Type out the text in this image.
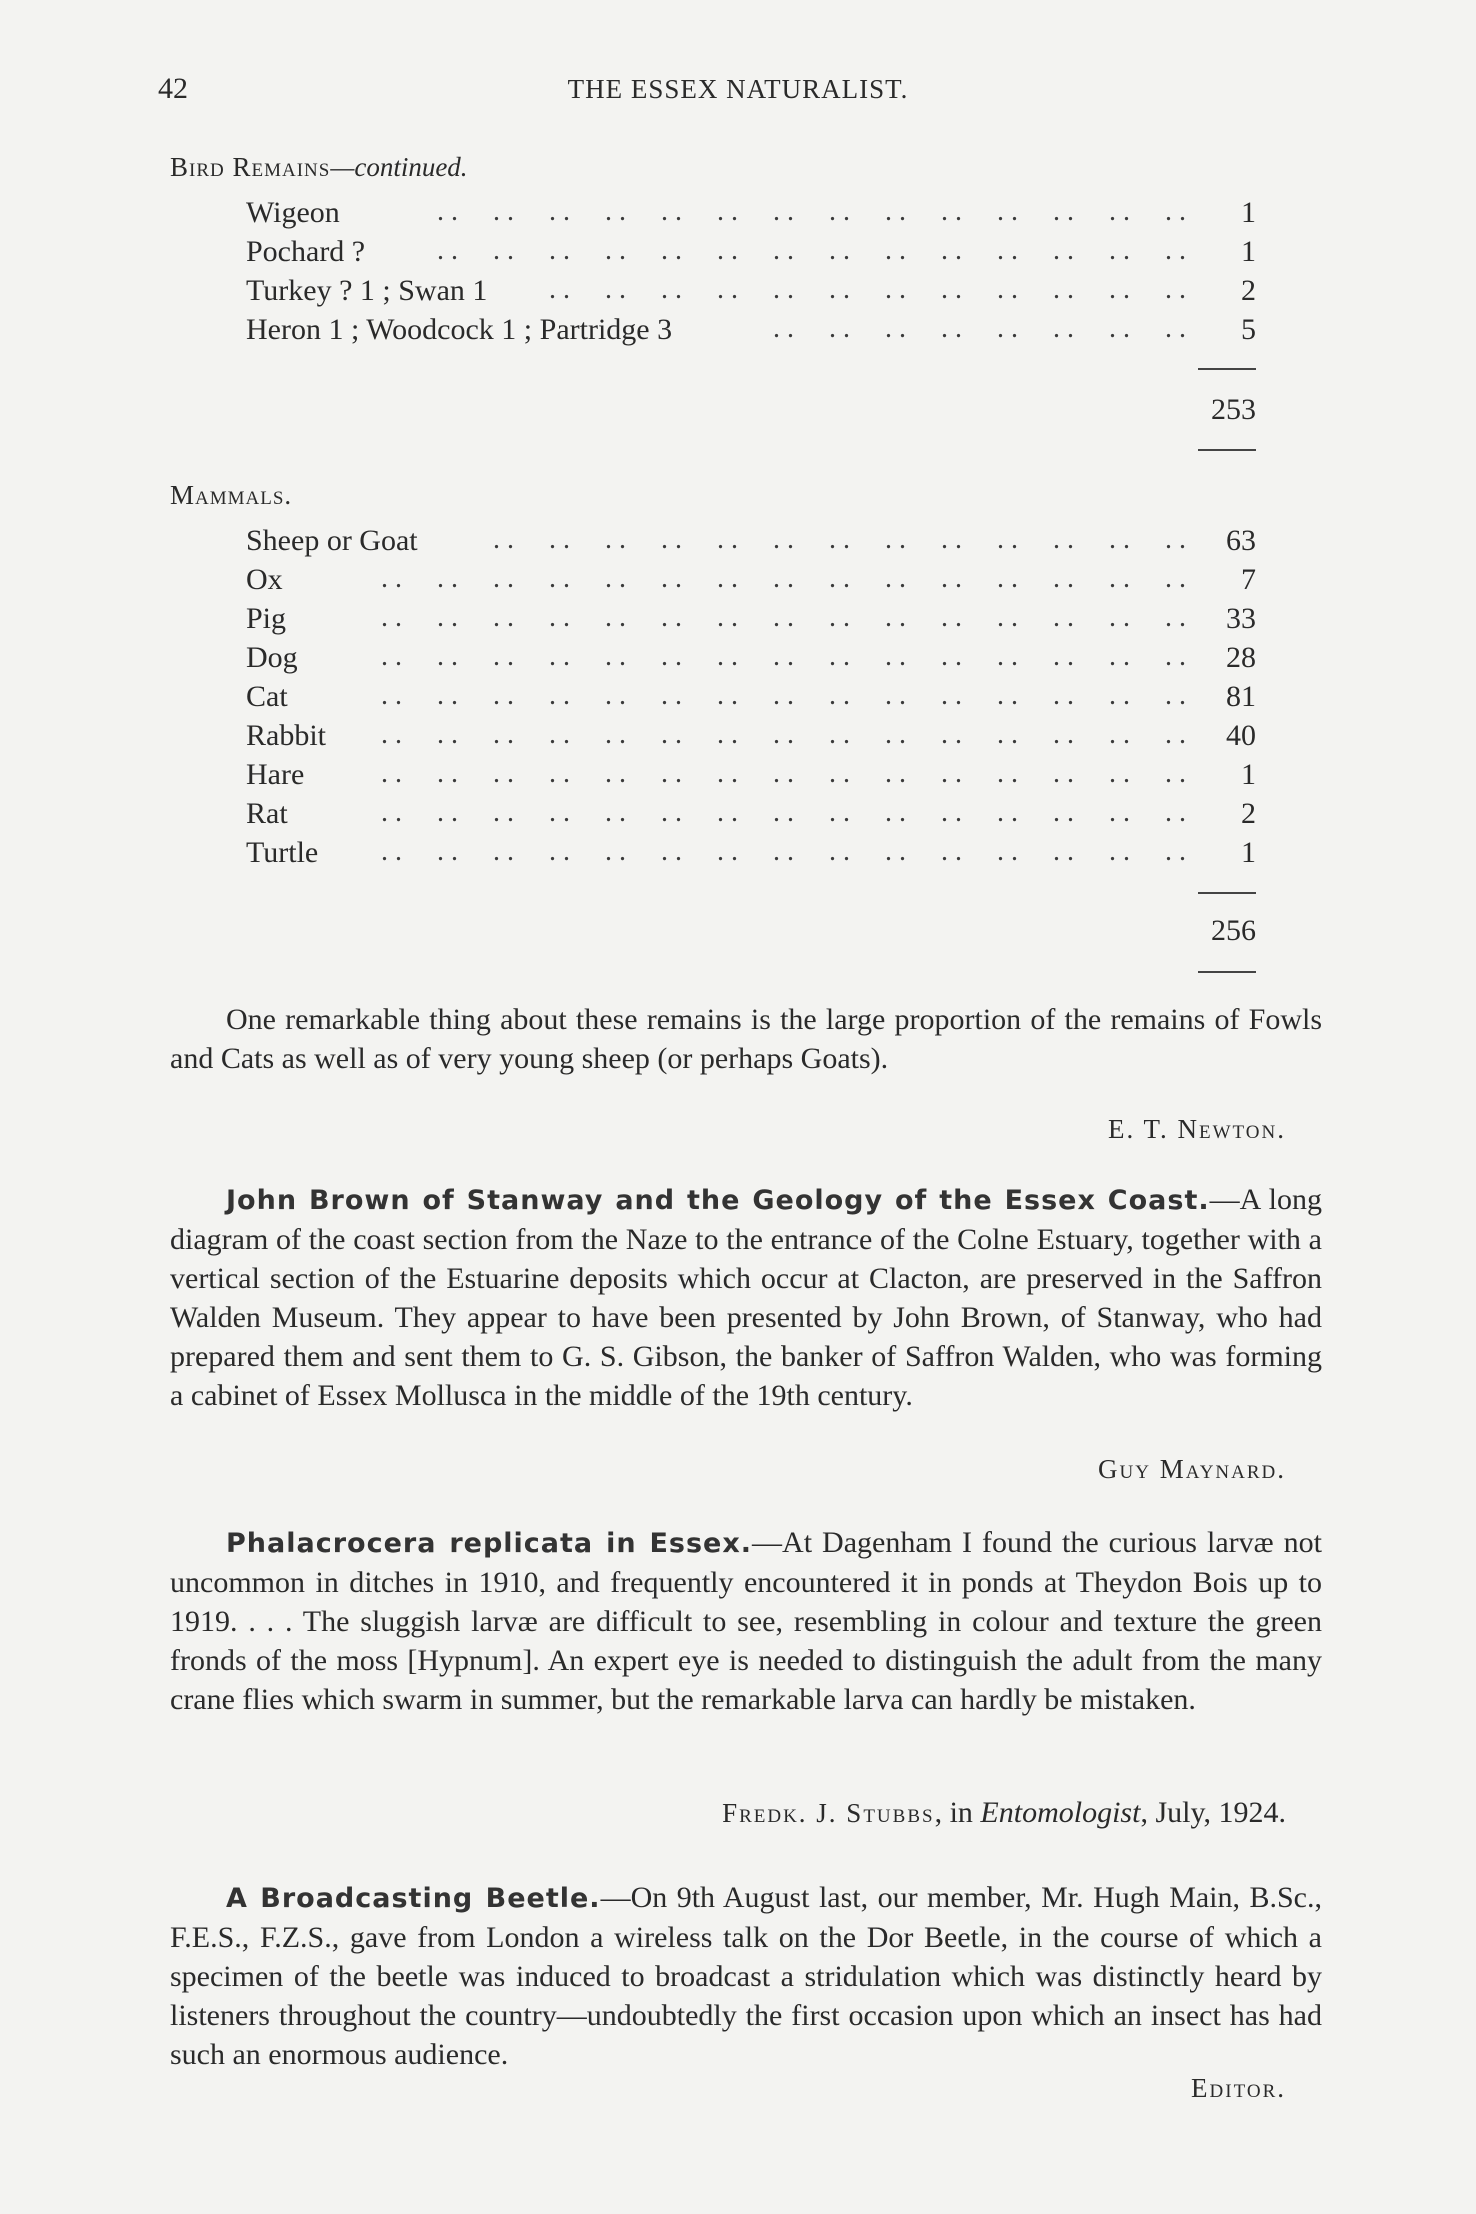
42	THE ESSEX NATURALIST.
Bird Remains—continued.
Wigeon	. .     . .     . .     . .     . .     . .     . .     . .     . .     . .     . .     . .     . .     . .	1
Pochard ?	. .     . .     . .     . .     . .     . .     . .     . .     . .     . .     . .     . .     . .     . .	1
Turkey ? 1 ; Swan 1 . .     . .     . .     . .     . .     . .     . .     . .     . .     . .     . .     . .	2
Heron 1 ; Woodcock 1 ; Partridge 3	. .     . .     . .     . .     . .     . .     . .     . .	5
253
Mammals.
Sheep or Goat	. .     . .     . .     . .     . .     . .     . .     . .     . .     . .     . .     . .     . .	63
Ox	. .     . .     . .     . .     . .     . .     . .     . .     . .     . .     . .     . .     . .     . .     . .	7
Pig	. .     . .     . .     . .     . .     . .     . .     . .     . .     . .     . .     . .     . .     . .     . .	33
Dog	. .     . .     . .     . .     . .     . .     . .     . .     . .     . .     . .     . .     . .     . .     . .	28
Cat	. .     . .     . .     . .     . .     . .     . .     . .     . .     . .     . .     . .     . .     . .     . .	81
Rabbit . .     . .     . .     . .     . .     . .     . .     . .     . .     . .     . .     . .     . .     . .     . .	40
Hare	. .     . .     . .     . .     . .     . .     . .     . .     . .     . .     . .     . .     . .     . .     . .	1
Rat	. .     . .     . .     . .     . .     . .     . .     . .     . .     . .     . .     . .     . .     . .     . .	2
Turtle . .     . .     . .     . .     . .     . .     . .     . .     . .     . .     . .     . .     . .     . .     . .	1
256
One remarkable thing about these remains is the large proportion of the remains of Fowls and Cats as well as of very young sheep (or perhaps Goats).
E. T. Newton.
John Brown of Stanway and the Geology of the Essex Coast.—A long diagram of the coast section from the Naze to the entrance of the Colne Estuary, together with a vertical section of the Estuarine deposits which occur at Clacton, are preserved in the Saffron Walden Museum. They appear to have been presented by John Brown, of Stanway, who had prepared them and sent them to G. S. Gibson, the banker of Saffron Walden, who was forming a cabinet of Essex Mollusca in the middle of the 19th century.
Guy Maynard.
Phalacrocera replicata in Essex.—At Dagenham I found the curious larvæ not uncommon in ditches in 1910, and frequently encountered it in ponds at Theydon Bois up to 1919. . . . The sluggish larvæ are difficult to see, resembling in colour and texture the green fronds of the moss [Hypnum]. An expert eye is needed to distinguish the adult from the many crane flies which swarm in summer, but the remarkable larva can hardly be mistaken.
Fredk. J. Stubbs, in Entomologist, July, 1924.
A Broadcasting Beetle.—On 9th August last, our member, Mr. Hugh Main, B.Sc., F.E.S., F.Z.S., gave from London a wireless talk on the Dor Beetle, in the course of which a specimen of the beetle was induced to broadcast a stridulation which was distinctly heard by listeners throughout the country—undoubtedly the first occasion upon which an insect has had such an enormous audience.
Editor.
